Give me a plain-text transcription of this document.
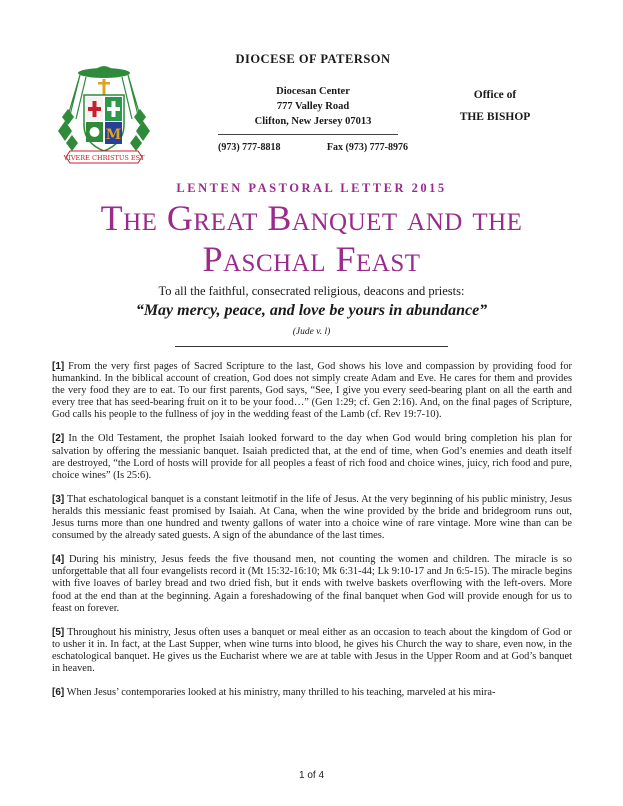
M
VIVERE CHRISTUS EST
DIOCESE OF PATERSON
Diocesan Center
777 Valley Road
Clifton, New Jersey 07013
(973) 777-8818	Fax (973) 777-8976
Office of
THE BISHOP
LENTEN PASTORAL LETTER 2015
The Great Banquet and the
Paschal Feast
To all the faithful, consecrated religious, deacons and priests:
“May mercy, peace, and love be yours in abundance”
(Jude v. l)

[1] From the very first pages of Sacred Scripture to the last, God shows his love and compassion by providing food for humankind. In the biblical account of creation, God does not simply create Adam and Eve. He cares for them and provides the very food they are to eat. To our first parents, God says, “See, I give you every seed-bearing plant on all the earth and every tree that has seed-bearing fruit on it to be your food…” (Gen 1:29; cf. Gen 2:16). And, on the final pages of Scripture, God calls his people to the fullness of joy in the wedding feast of the Lamb (cf. Rev 19:7-10).

[2] In the Old Testament, the prophet Isaiah looked forward to the day when God would bring completion his plan for salvation by offering the messianic banquet. Isaiah predicted that, at the end of time, when God’s enemies and death itself are destroyed, “the Lord of hosts will provide for all peoples a feast of rich food and choice wines, juicy, rich food and pure, choice wines” (Is 25:6).

[3] That eschatological banquet is a constant leitmotif in the life of Jesus. At the very beginning of his public ministry, Jesus heralds this messianic feast promised by Isaiah. At Cana, when the wine provided by the bride and bridegroom runs out, Jesus turns more than one hundred and twenty gallons of water into a choice wine of rare vintage. More wine than can be consumed by the already sated guests. A sign of the abundance of the last times.

[4] During his ministry, Jesus feeds the five thousand men, not counting the women and children. The miracle is so unforgettable that all four evangelists record it (Mt 15:32-16:10; Mk 6:31-44; Lk 9:10-17 and Jn 6:5-15). The miracle begins with five loaves of barley bread and two dried fish, but it ends with twelve baskets overflowing with the left-overs. More food at the end than at the beginning. Again a foreshadowing of the final banquet when God will provide enough for us to feast on forever.

[5] Throughout his ministry, Jesus often uses a banquet or meal either as an occasion to teach about the kingdom of God or to usher it in. In fact, at the Last Supper, when wine turns into blood, he gives his Church the way to share, even now, in the eschatological banquet. He gives us the Eucharist where we are at table with Jesus in the Upper Room and at God’s banquet in heaven.

[6] When Jesus’ contemporaries looked at his ministry, many thrilled to his teaching, marveled at his mira-

1 of 4
